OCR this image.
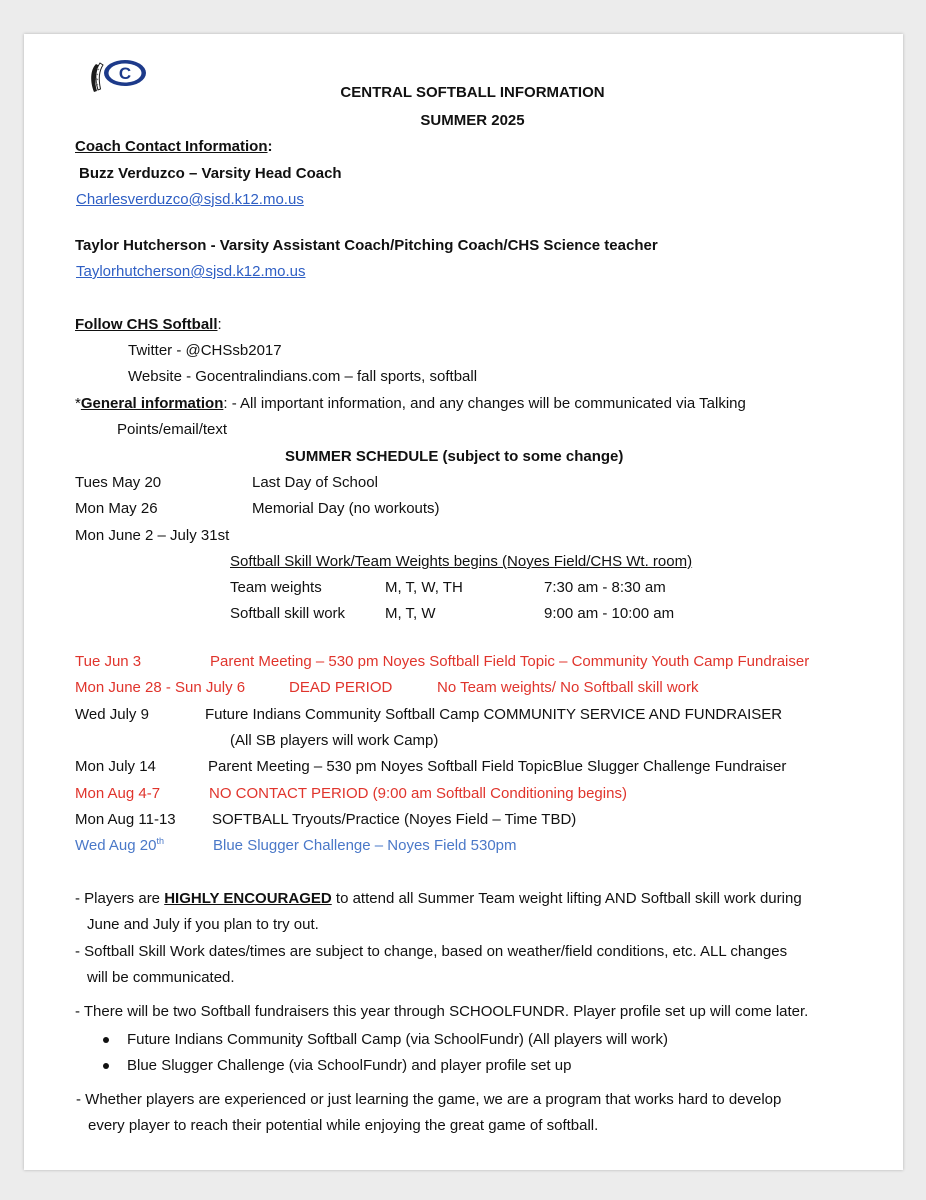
C
CENTRAL SOFTBALL INFORMATION
SUMMER 2025
Coach Contact Information:
Buzz Verduzco – Varsity Head Coach
Charlesverduzco@sjsd.k12.mo.us
Taylor Hutcherson - Varsity Assistant Coach/Pitching Coach/CHS Science teacher
Taylorhutcherson@sjsd.k12.mo.us
Follow CHS Softball:
Twitter - @CHSsb2017
Website - Gocentralindians.com – fall sports, softball
*General information: - All important information, and any changes will be communicated via Talking
Points/email/text
SUMMER SCHEDULE (subject to some change)
Tues May 20	Last Day of School
Mon May 26	Memorial Day (no workouts)
Mon June 2 – July 31st
Softball Skill Work/Team Weights begins (Noyes Field/CHS Wt. room)
Team weights	M, T, W, TH	7:30 am - 8:30 am
Softball skill work	M, T, W	9:00 am - 10:00 am
Tue Jun 3	Parent Meeting – 530 pm Noyes Softball Field Topic – Community Youth Camp Fundraiser
Mon June 28 - Sun July 6	DEAD PERIOD	No Team weights/ No Softball skill work
Wed July 9	Future Indians Community Softball Camp COMMUNITY SERVICE AND FUNDRAISER
(All SB players will work Camp)
Mon July 14	Parent Meeting – 530 pm Noyes Softball Field TopicBlue Slugger Challenge Fundraiser
Mon Aug 4-7	NO CONTACT PERIOD (9:00 am Softball Conditioning begins)
Mon Aug 11-13 SOFTBALL Tryouts/Practice (Noyes Field – Time TBD)
Wed Aug 20th	Blue Slugger Challenge – Noyes Field 530pm
- Players are HIGHLY ENCOURAGED to attend all Summer Team weight lifting AND Softball skill work during
June and July if you plan to try out.
- Softball Skill Work dates/times are subject to change, based on weather/field conditions, etc. ALL changes
will be communicated.
- There will be two Softball fundraisers this year through SCHOOLFUNDR. Player profile set up will come later.
Future Indians Community Softball Camp (via SchoolFundr) (All players will work)
Blue Slugger Challenge (via SchoolFundr) and player profile set up
- Whether players are experienced or just learning the game, we are a program that works hard to develop
every player to reach their potential while enjoying the great game of softball.
